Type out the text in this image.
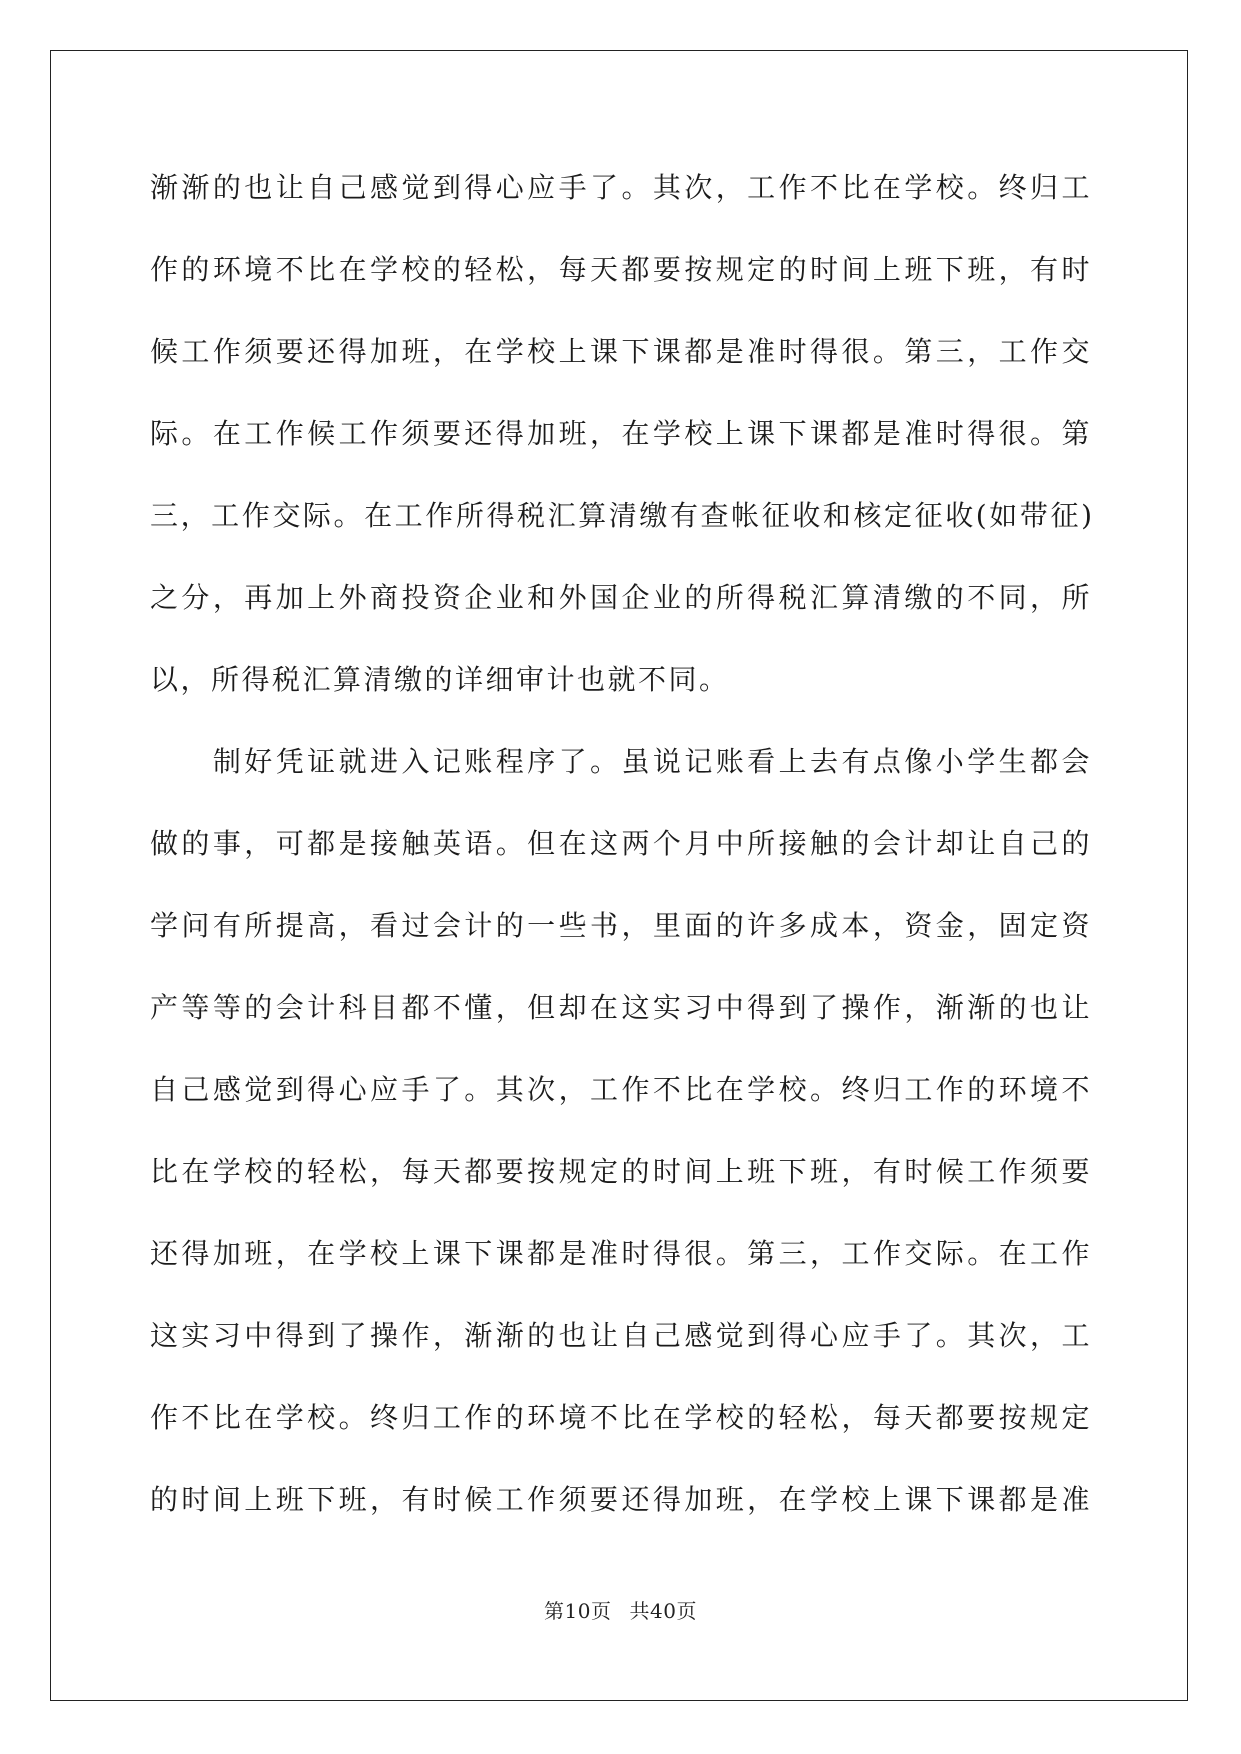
渐渐的也让自己感觉到得心应手了。其次，工作不比在学校。终归工
作的环境不比在学校的轻松，每天都要按规定的时间上班下班，有时
候工作须要还得加班，在学校上课下课都是准时得很。第三，工作交
际。在工作候工作须要还得加班，在学校上课下课都是准时得很。第
三，工作交际。在工作所得税汇算清缴有查帐征收和核定征收(如带征)
之分，再加上外商投资企业和外国企业的所得税汇算清缴的不同，所
以，所得税汇算清缴的详细审计也就不同。
　　制好凭证就进入记账程序了。虽说记账看上去有点像小学生都会
做的事，可都是接触英语。但在这两个月中所接触的会计却让自己的
学问有所提高，看过会计的一些书，里面的许多成本，资金，固定资
产等等的会计科目都不懂，但却在这实习中得到了操作，渐渐的也让
自己感觉到得心应手了。其次，工作不比在学校。终归工作的环境不
比在学校的轻松，每天都要按规定的时间上班下班，有时候工作须要
还得加班，在学校上课下课都是准时得很。第三，工作交际。在工作
这实习中得到了操作，渐渐的也让自己感觉到得心应手了。其次，工
作不比在学校。终归工作的环境不比在学校的轻松，每天都要按规定
的时间上班下班，有时候工作须要还得加班，在学校上课下课都是准
第10页 共40页
